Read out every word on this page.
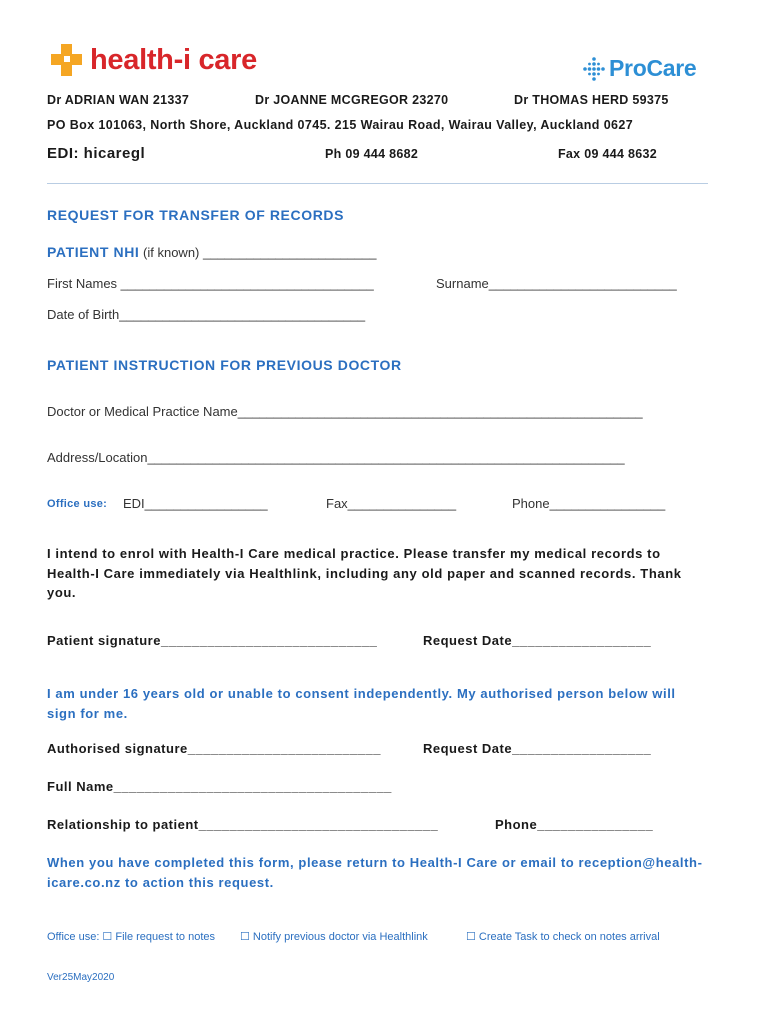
health-i care	ProCare
Dr ADRIAN WAN 21337	Dr JOANNE MCGREGOR 23270	Dr THOMAS HERD 59375
PO Box 101063, North Shore, Auckland 0745. 215 Wairau Road, Wairau Valley, Auckland 0627
EDI: hicaregl	Ph 09 444 8682	Fax 09 444 8632
REQUEST FOR TRANSFER OF RECORDS
PATIENT NHI (if known) ________________________
First Names ___________________________________	Surname__________________________
Date of Birth__________________________________
PATIENT INSTRUCTION FOR PREVIOUS DOCTOR
Doctor or Medical Practice Name________________________________________________________
Address/Location__________________________________________________________________
Office use: EDI_________________	Fax_______________	Phone________________
I intend to enrol with Health-I Care medical practice. Please transfer my medical records to Health-I Care immediately via Healthlink, including any old paper and scanned records. Thank you.
Patient signature____________________________	Request Date__________________
I am under 16 years old or unable to consent independently. My authorised person below will sign for me.
Authorised signature_________________________	Request Date__________________
Full Name____________________________________
Relationship to patient_______________________________	Phone_______________
When you have completed this form, please return to Health-I Care or email to reception@health-icare.co.nz to action this request.
Office use: ☐ File request to notes ☐ Notify previous doctor via Healthlink	☐ Create Task to check on notes arrival
Ver25May2020
